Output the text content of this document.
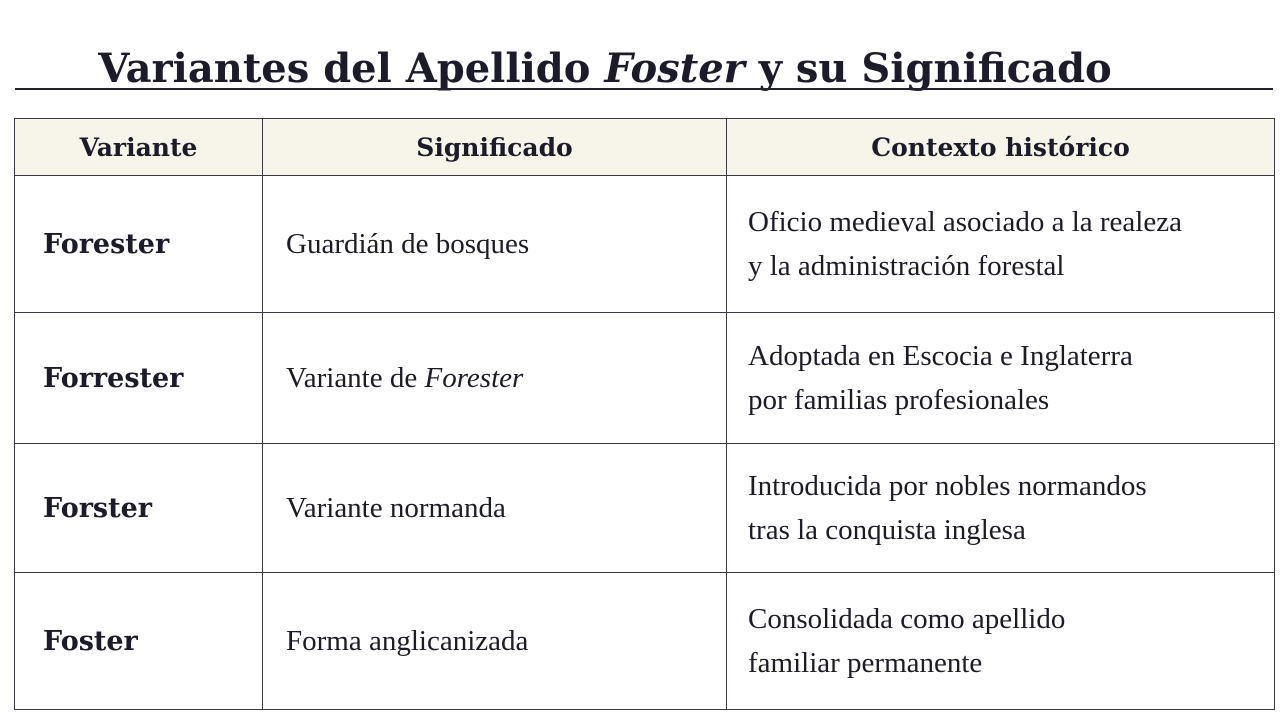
Variantes del Apellido Foster y su Significado
Variante	Significado	Contexto histórico
Forester	Guardián de bosques	Oficio medieval asociado a la realeza
y la administración forestal

Forrester	Variante de Forester	Adoptada en Escocia e Inglaterra
por familias profesionales

Forster	Variante normanda	Introducida por nobles normandos
tras la conquista inglesa

Foster	Forma anglicanizada	Consolidada como apellido
familiar permanente
